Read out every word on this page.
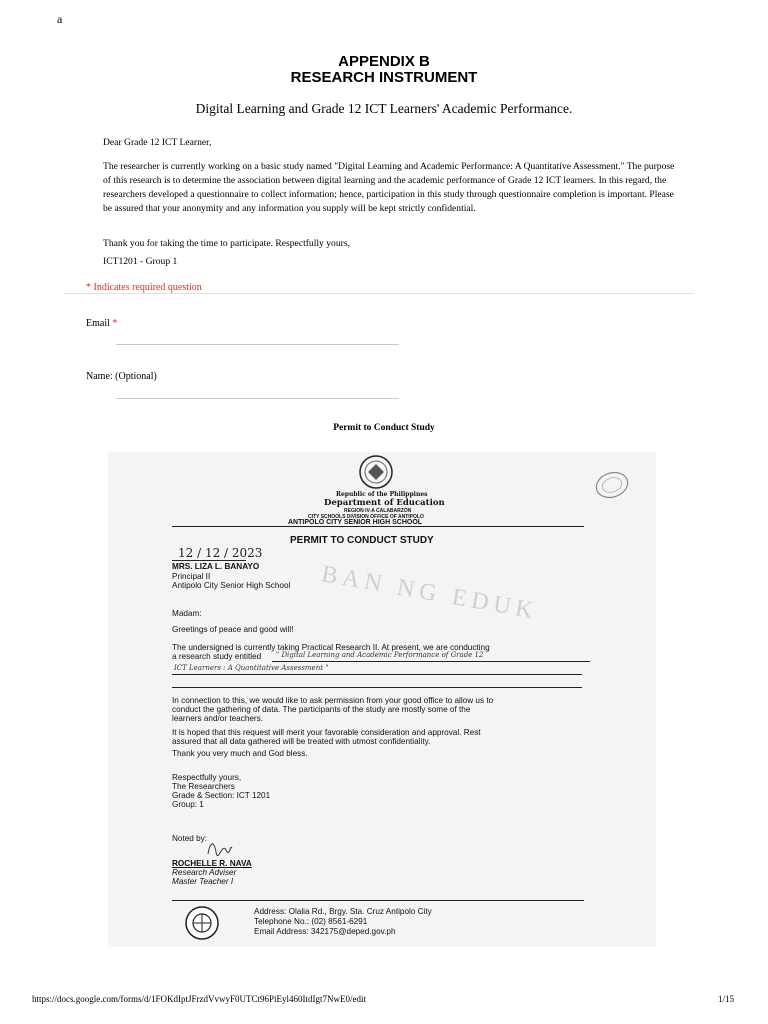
a
APPENDIX B
RESEARCH INSTRUMENT
Digital Learning and Grade 12 ICT Learners' Academic Performance.
Dear Grade 12 ICT Learner,
The researcher is currently working on a basic study named "Digital Learning and Academic Performance: A Quantitative Assessment." The purpose of this research is to determine the association between digital learning and the academic performance of Grade 12 ICT learners. In this regard, the researchers developed a questionnaire to collect information; hence, participation in this study through questionnaire completion is important. Please be assured that your anonymity and any information you supply will be kept strictly confidential.
Thank you for taking the time to participate. Respectfully yours,
ICT1201 - Group 1
* Indicates required question
Email *
Name: (Optional)
Permit to Conduct Study
BAN NG EDUK
Republic of the Philippines
Department of Education
REGION IV-A CALABARZON
CITY SCHOOLS DIVISION OFFICE OF ANTIPOLO
ANTIPOLO CITY SENIOR HIGH SCHOOL
PERMIT TO CONDUCT STUDY
12 / 12 / 2023
MRS. LIZA L. BANAYO
Principal II
Antipolo City Senior High School
Madam:
Greetings of peace and good will!
The undersigned is currently taking Practical Research II. At present, we are conducting
a research study entitled " Digital Learning and Academic Performance of Grade 12
ICT Learners : A Quantitative Assessment "
In connection to this, we would like to ask permission from your good office to allow us to
conduct the gathering of data. The participants of the study are mostly some of the
learners and/or teachers.
It is hoped that this request will merit your favorable consideration and approval. Rest
assured that all data gathered will be treated with utmost confidentiality.
Thank you very much and God bless.
Respectfully yours,
The Researchers
Grade & Section: ICT 1201
Group: 1
Noted by:
ROCHELLE R. NAVA
Research Adviser
Master Teacher I
Address: Olalia Rd., Brgy. Sta. Cruz Antipolo City
Telephone No.: (02) 8561-6291
Email Address: 342175@deped.gov.ph
https://docs.google.com/forms/d/1FOKdIptJFrzdVvwyF0UTCt96PiEyl460ItdIgt7NwE0/edit	1/15
